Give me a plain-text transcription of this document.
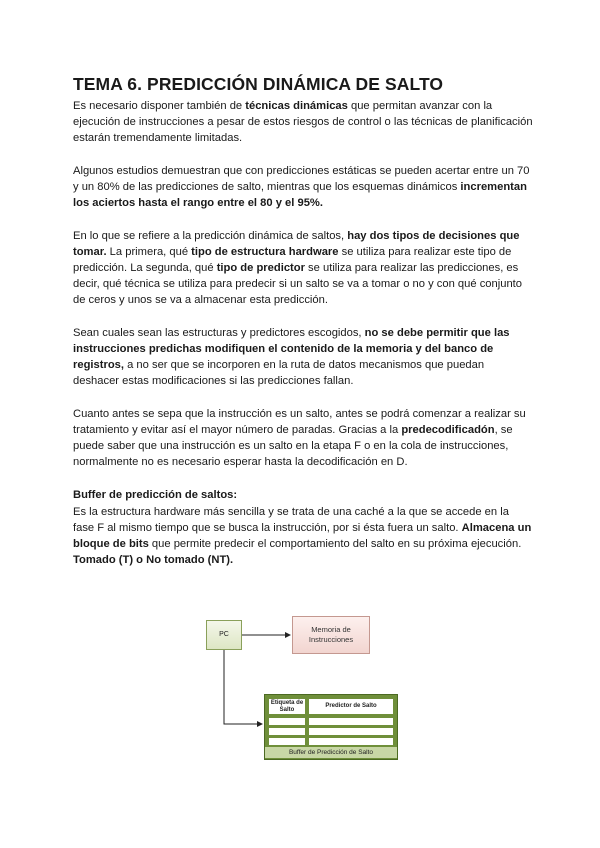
TEMA 6. PREDICCIÓN DINÁMICA DE SALTO

Es necesario disponer también de técnicas dinámicas que permitan avanzar con la ejecución de instrucciones a pesar de estos riesgos de control o las técnicas de planificación estarán tremendamente limitadas.

Algunos estudios demuestran que con predicciones estáticas se pueden acertar entre un 70 y un 80% de las predicciones de salto, mientras que los esquemas dinámicos incrementan los aciertos hasta el rango entre el 80 y el 95%.

En lo que se refiere a la predicción dinámica de saltos, hay dos tipos de decisiones que tomar. La primera, qué tipo de estructura hardware se utiliza para realizar este tipo de predicción. La segunda, qué tipo de predictor se utiliza para realizar las predicciones, es decir, qué técnica se utiliza para predecir si un salto se va a tomar o no y con qué conjunto de ceros y unos se va a almacenar esta predicción.

Sean cuales sean las estructuras y predictores escogidos, no se debe permitir que las instrucciones predichas modifiquen el contenido de la memoria y del banco de registros, a no ser que se incorporen en la ruta de datos mecanismos que puedan deshacer estas modificaciones si las predicciones fallan.

Cuanto antes se sepa que la instrucción es un salto, antes se podrá comenzar a realizar su tratamiento y evitar así el mayor número de paradas. Gracias a la predecodificadón, se puede saber que una instrucción es un salto en la etapa F o en la cola de instrucciones, normalmente no es necesario esperar hasta la decodificación en D.

Buffer de predicción de saltos:

Es la estructura hardware más sencilla y se trata de una caché a la que se accede en la fase F al mismo tiempo que se busca la instrucción, por si ésta fuera un salto. Almacena un bloque de bits que permite predecir el comportamiento del salto en su próxima ejecución. Tomado (T) o No tomado (NT).

PC
Memoria de Instrucciones
Etiqueta de Salto
Predictor de Salto
Buffer de Predicción de Salto
